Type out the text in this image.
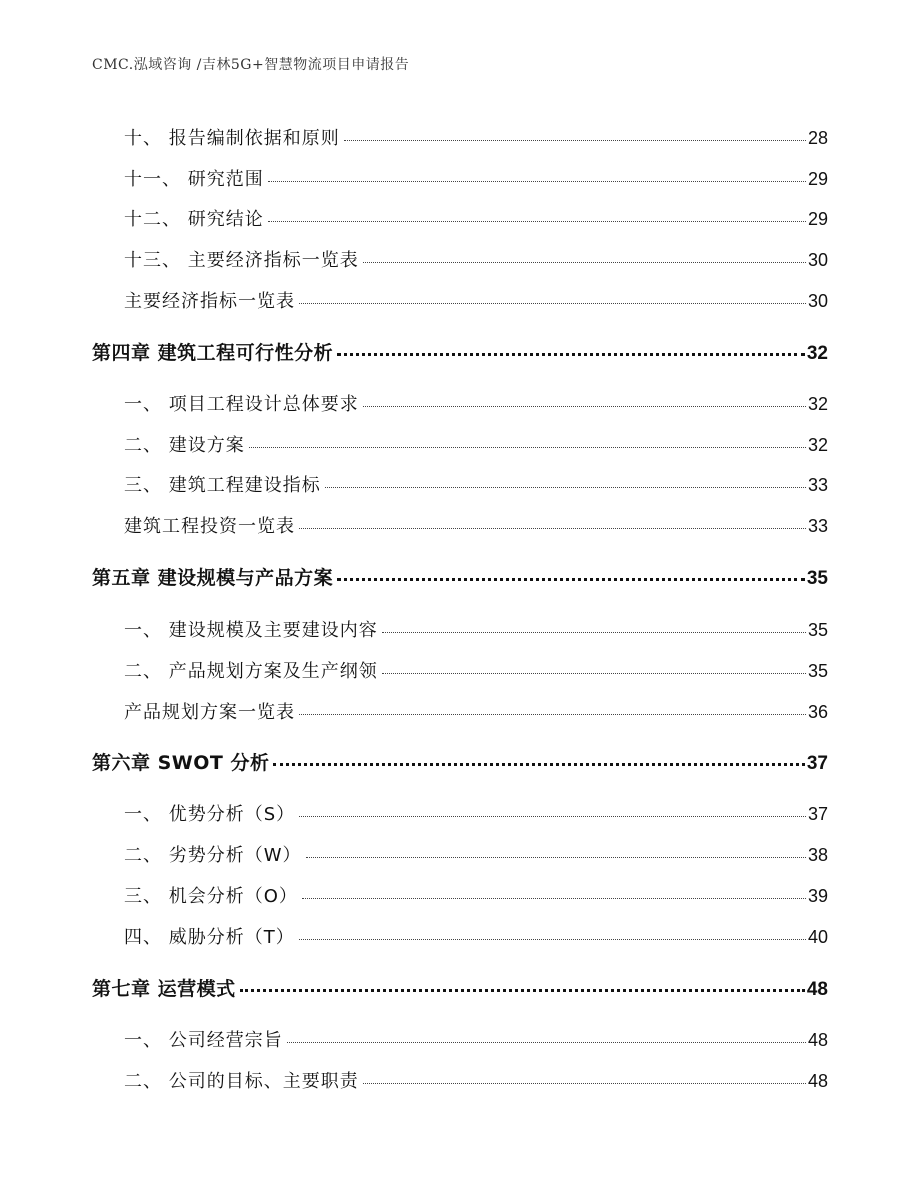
CMC.泓域咨询 /吉林5G+智慧物流项目申请报告
十、 报告编制依据和原则	28
十一、 研究范围	29
十二、 研究结论	29
十三、 主要经济指标一览表	30
主要经济指标一览表	30
第四章 建筑工程可行性分析	32
一、 项目工程设计总体要求	32
二、 建设方案	32
三、 建筑工程建设指标	33
建筑工程投资一览表	33
第五章 建设规模与产品方案	35
一、 建设规模及主要建设内容	35
二、 产品规划方案及生产纲领	35
产品规划方案一览表	36
第六章 SWOT 分析	37
一、 优势分析（S）	37
二、 劣势分析（W）	38
三、 机会分析（O）	39
四、 威胁分析（T）	40
第七章 运营模式	48
一、 公司经营宗旨	48
二、 公司的目标、主要职责	48
